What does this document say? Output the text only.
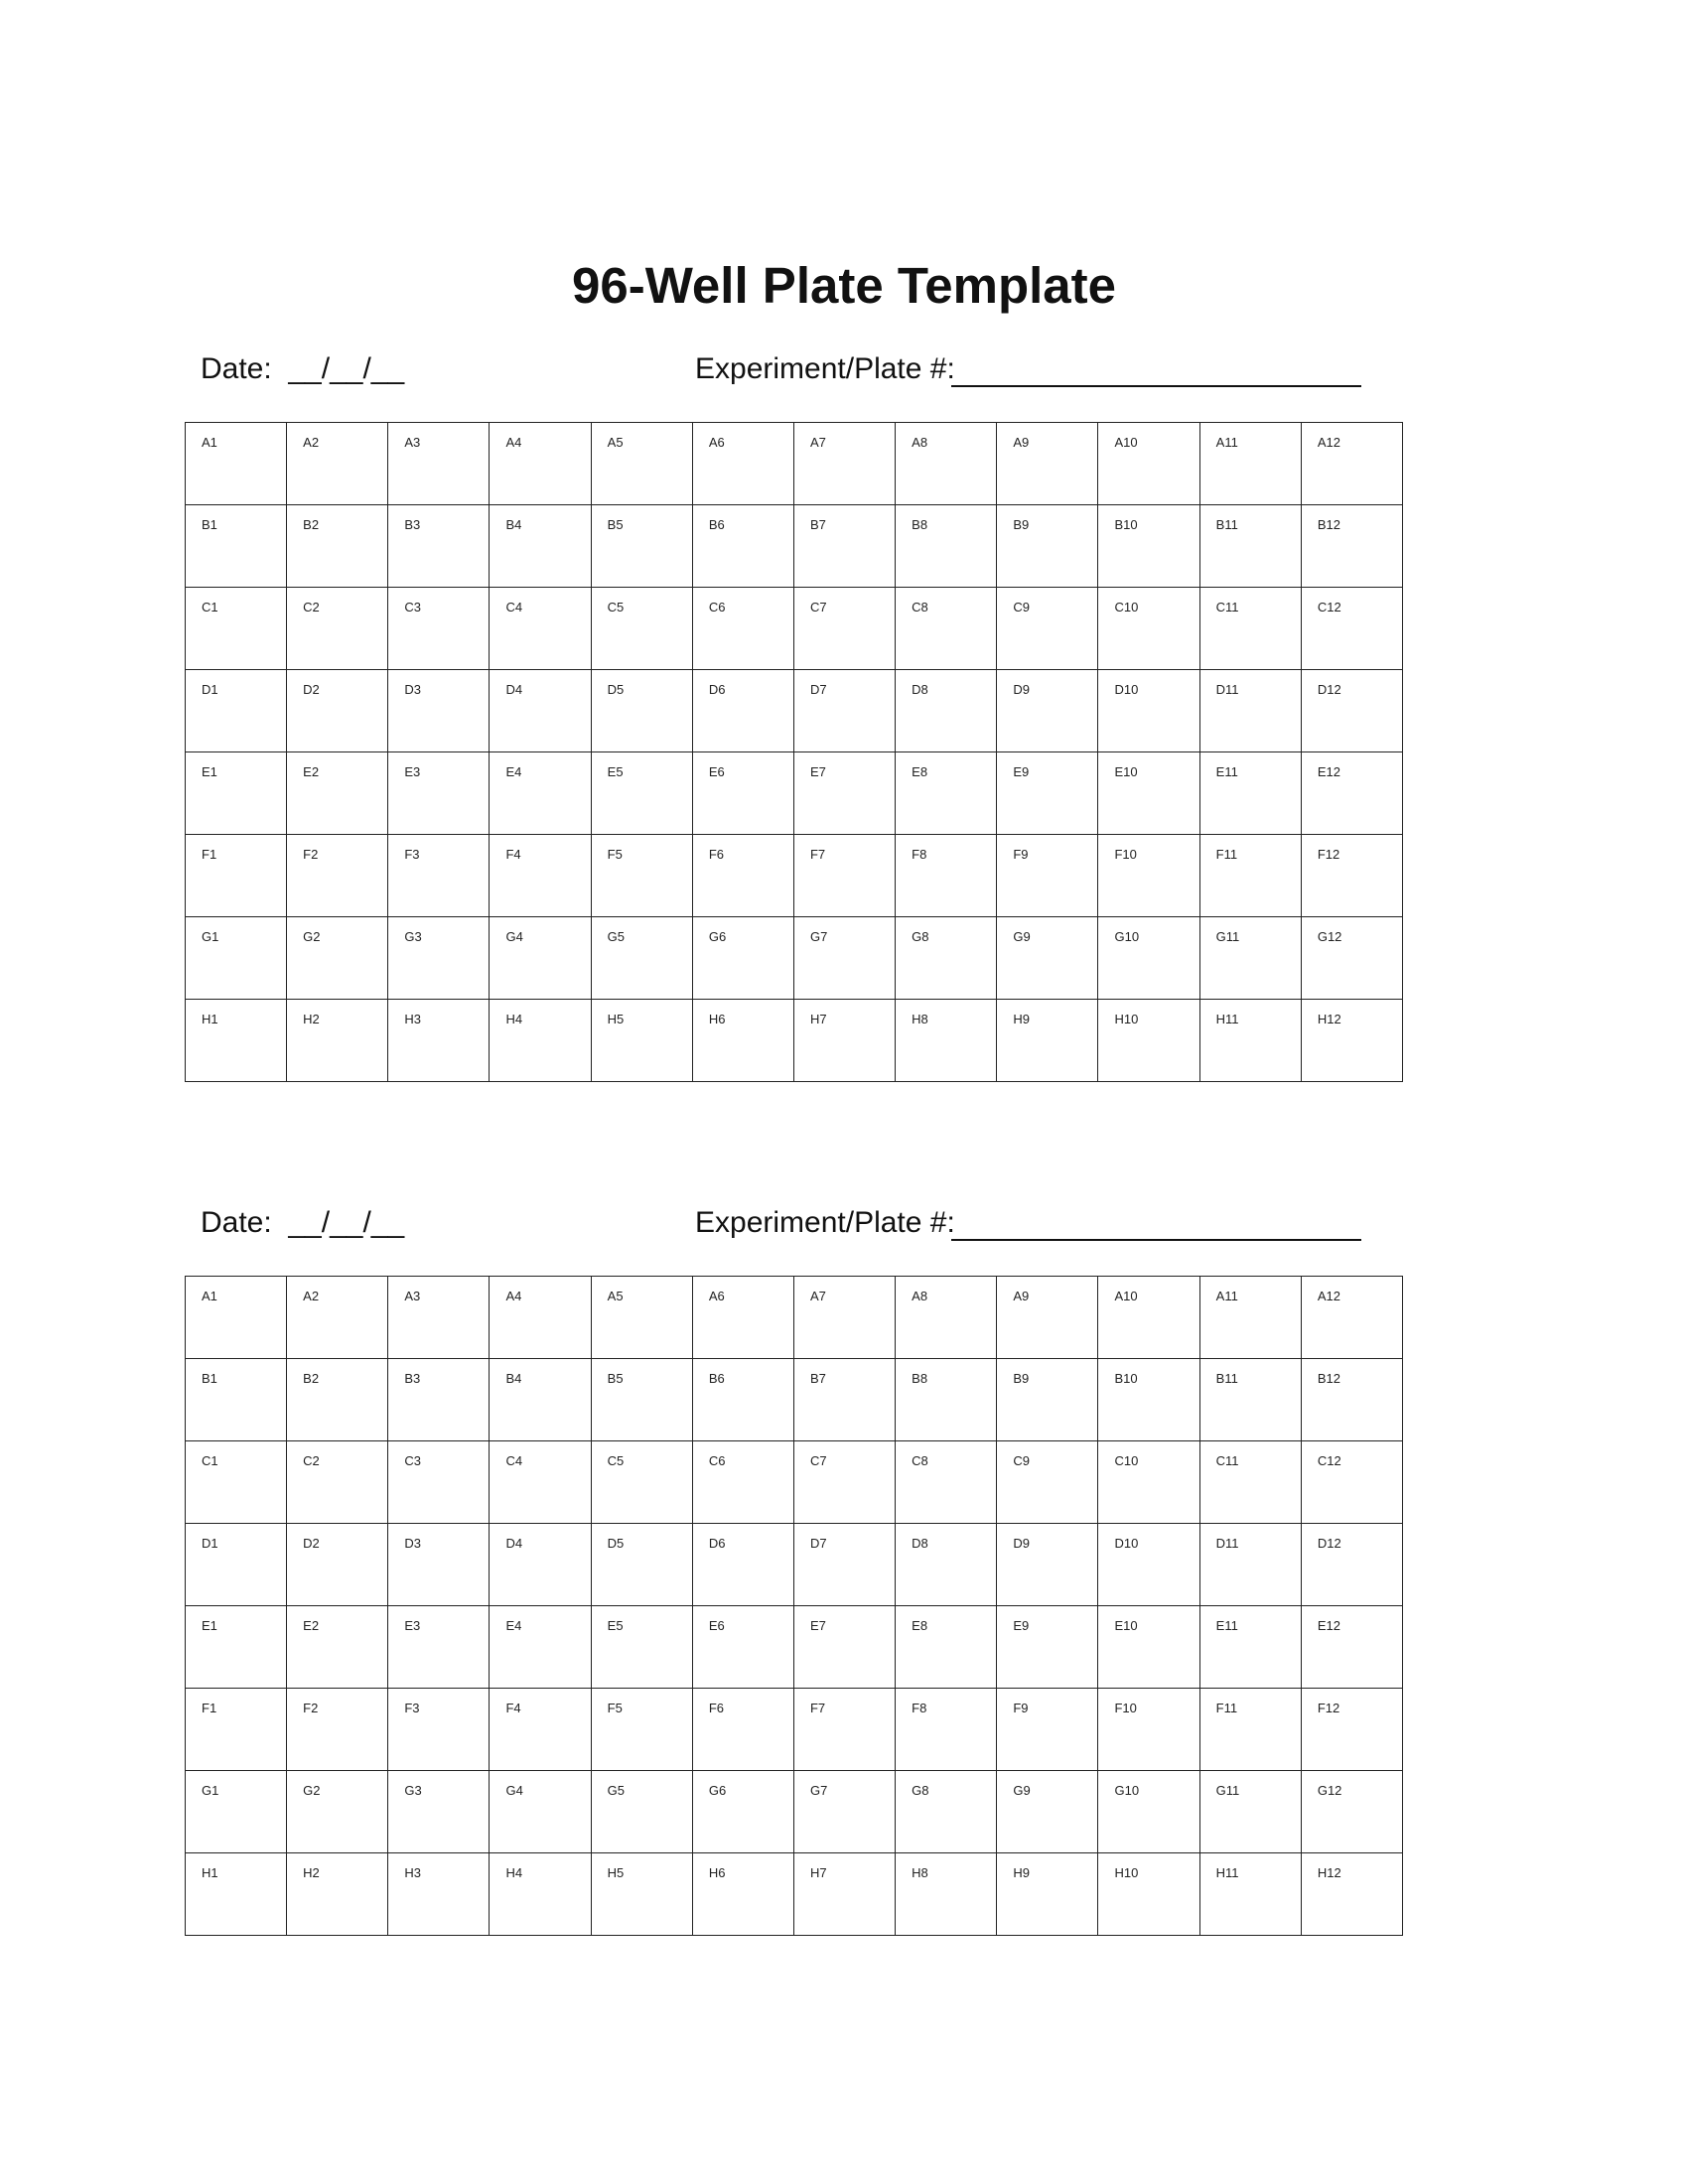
96-Well Plate Template
Date:  __/__/__	Experiment/Plate #:
A1	A2	A3	A4	A5	A6	A7	A8	A9	A10	A11	A12
B1	B2	B3	B4	B5	B6	B7	B8	B9	B10	B11	B12
C1	C2	C3	C4	C5	C6	C7	C8	C9	C10	C11	C12
D1	D2	D3	D4	D5	D6	D7	D8	D9	D10	D11	D12
E1	E2	E3	E4	E5	E6	E7	E8	E9	E10	E11	E12
F1	F2	F3	F4	F5	F6	F7	F8	F9	F10	F11	F12
G1	G2	G3	G4	G5	G6	G7	G8	G9	G10	G11	G12
H1	H2	H3	H4	H5	H6	H7	H8	H9	H10	H11	H12
Date:  __/__/__	Experiment/Plate #:
A1	A2	A3	A4	A5	A6	A7	A8	A9	A10	A11	A12
B1	B2	B3	B4	B5	B6	B7	B8	B9	B10	B11	B12
C1	C2	C3	C4	C5	C6	C7	C8	C9	C10	C11	C12
D1	D2	D3	D4	D5	D6	D7	D8	D9	D10	D11	D12
E1	E2	E3	E4	E5	E6	E7	E8	E9	E10	E11	E12
F1	F2	F3	F4	F5	F6	F7	F8	F9	F10	F11	F12
G1	G2	G3	G4	G5	G6	G7	G8	G9	G10	G11	G12
H1	H2	H3	H4	H5	H6	H7	H8	H9	H10	H11	H12
